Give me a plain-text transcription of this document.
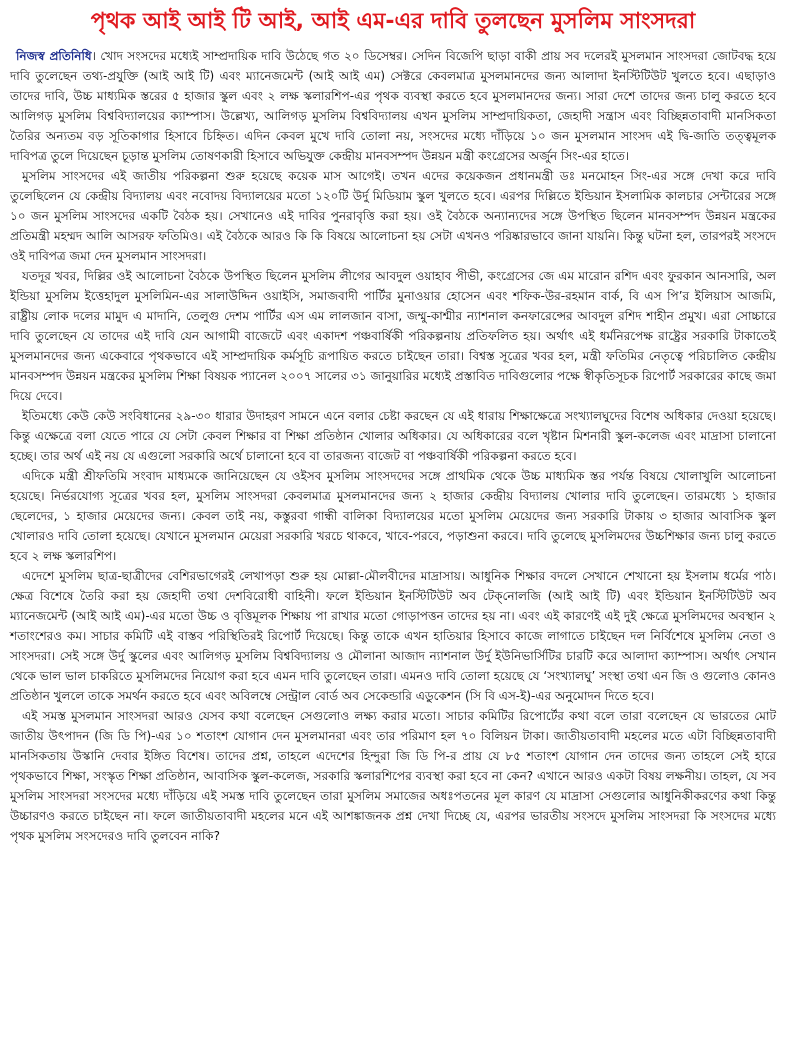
পৃথক আই আই টি আই, আই এম-এর দাবি তুলছেন মুসলিম সাংসদরা

নিজস্ব প্রতিনিধি। খোদ সংসদের মধ্যেই সাম্প্রদায়িক দাবি উঠেছে গত ২০ ডিসেম্বর। সেদিন বিজেপি ছাড়া বাকী প্রায় সব দলেরই মুসলমান সাংসদরা জোটবদ্ধ হয়ে দাবি তুলেছেন তথ্য-প্রযুক্তি (আই আই টি) এবং ম্যানেজমেন্ট (আই আই এম) সেক্টরে কেবলমাত্র মুসলমানদের জন্য আলাদা ইনস্টিটিউট খুলতে হবে। এছাড়াও তাদের দাবি, উচ্চ মাধ্যমিক স্তরের ৫ হাজার স্কুল এবং ২ লক্ষ স্কলারশিপ-এর পৃথক ব্যবস্থা করতে হবে মুসলমানদের জন্য। সারা দেশে তাদের জন্য চালু করতে হবে আলিগড় মুসলিম বিশ্ববিদ্যালয়ের ক্যাম্পাস। উল্লেখ্য, আলিগড় মুসলিম বিশ্ববিদ্যালয় এখন মুসলিম সাম্প্রদায়িকতা, জেহাদী সন্ত্রাস এবং বিচ্ছিন্নতাবাদী মানসিকতা তৈরির অন্যতম বড় সূতিকাগার হিসাবে চিহ্নিত। এদিন কেবল মুখে দাবি তোলা নয়, সংসদের মধ্যে দাঁড়িয়ে ১০ জন মুসলমান সাংসদ এই দ্বি-জাতি তত্ত্বমূলক দাবিপত্র তুলে দিয়েছেন চূড়ান্ত মুসলিম তোষণকারী হিসাবে অভিযুক্ত কেন্দ্রীয় মানবসম্পদ উন্নয়ন মন্ত্রী কংগ্রেসের অর্জুন সিং-এর হাতে।

মুসলিম সাংসদের এই জাতীয় পরিকল্পনা শুরু হয়েছে কয়েক মাস আগেই। তখন এদের কয়েকজন প্রধানমন্ত্রী ডঃ মনমোহন সিং-এর সঙ্গে দেখা করে দাবি তুলেছিলেন যে কেন্দ্রীয় বিদ্যালয় এবং নবোদয় বিদ্যালয়ের মতো ১২০টি উর্দু মিডিয়াম স্কুল খুলতে হবে। এরপর দিল্লিতে ইন্ডিয়ান ইসলামিক কালচার সেন্টারের সঙ্গে ১০ জন মুসলিম সাংসদের একটি বৈঠক হয়। সেখানেও এই দাবির পুনরাবৃত্তি করা হয়। ওই বৈঠকে অন্যান্যদের সঙ্গে উপস্থিত ছিলেন মানবসম্পদ উন্নয়ন মন্ত্রকের প্রতিমন্ত্রী মহম্মদ আলি আসরফ ফতিমিও। এই বৈঠকে আরও কি কি বিষয়ে আলোচনা হয় সেটা এখনও পরিষ্কারভাবে জানা যায়নি। কিন্তু ঘটনা হল, তারপরই সংসদে ওই দাবিপত্র জমা দেন মুসলমান সাংসদরা।

যতদূর খবর, দিল্লির ওই আলোচনা বৈঠকে উপস্থিত ছিলেন মুসলিম লীগের আবদুল ওয়াহাব পীভী, কংগ্রেসের জে এম মারোন রশিদ এবং ফুরকান আনসারি, অল ইন্ডিয়া মুসলিম ইত্তেহাদুল মুসলিমিন-এর সালাউদ্দিন ওয়াইসি, সমাজবাদী পার্টির মুনাওয়ার হোসেন এবং শফিক-উর-রহমান বার্ক, বি এস পি’র ইলিয়াস আজমি, রাষ্ট্রীয় লোক দলের মামুদ এ মাদানি, তেলুগু দেশম পার্টির এস এম লালজান বাসা, জম্মু-কাশ্মীর ন্যাশনাল কনফারেন্সের আবদুল রশিদ শাহীন প্রমুখ। এরা সোচ্চারে দাবি তুলেছেন যে তাদের এই দাবি যেন আগামী বাজেটে এবং একাদশ পঞ্চবার্ষিকী পরিকল্পনায় প্রতিফলিত হয়। অর্থাৎ এই ধর্মনিরপেক্ষ রাষ্ট্রের সরকারি টাকাতেই মুসলমানদের জন্য একেবারে পৃথকভাবে এই সাম্প্রদায়িক কর্মসূচি রূপায়িত করতে চাইছেন তারা। বিশ্বস্ত সূত্রের খবর হল, মন্ত্রী ফতিমির নেতৃত্বে পরিচালিত কেন্দ্রীয় মানবসম্পদ উন্নয়ন মন্ত্রকের মুসলিম শিক্ষা বিষয়ক প্যানেল ২০০৭ সালের ৩১ জানুয়ারির মধ্যেই প্রস্তাবিত দাবিগুলোর পক্ষে স্বীকৃতিসূচক রিপোর্ট সরকারের কাছে জমা দিয়ে দেবে।

ইতিমধ্যে কেউ কেউ সংবিধানের ২৯-৩০ ধারার উদাহরণ সামনে এনে বলার চেষ্টা করছেন যে এই ধারায় শিক্ষাক্ষেত্রে সংখ্যালঘুদের বিশেষ অধিকার দেওয়া হয়েছে। কিন্তু এক্ষেত্রে বলা যেতে পারে যে সেটা কেবল শিক্ষার বা শিক্ষা প্রতিষ্ঠান খোলার অধিকার। যে অধিকারের বলে খৃষ্টান মিশনারী স্কুল-কলেজ এবং মাদ্রাসা চালানো হচ্ছে। তার অর্থ এই নয় যে এগুলো সরকারি অর্থে চালানো হবে বা তারজন্য বাজেট বা পঞ্চবার্ষিকী পরিকল্পনা করতে হবে।

এদিকে মন্ত্রী শ্রীফতিমি সংবাদ মাধ্যমকে জানিয়েছেন যে ওইসব মুসলিম সাংসদদের সঙ্গে প্রাথমিক থেকে উচ্চ মাধ্যমিক স্তর পর্যন্ত বিষয়ে খোলাখুলি আলোচনা হয়েছে। নির্ভরযোগ্য সূত্রের খবর হল, মুসলিম সাংসদরা কেবলমাত্র মুসলমানদের জন্য ২ হাজার কেন্দ্রীয় বিদ্যালয় খোলার দাবি তুলেছেন। তারমধ্যে ১ হাজার ছেলেদের, ১ হাজার মেয়েদের জন্য। কেবল তাই নয়, কস্তুরবা গান্ধী বালিকা বিদ্যালয়ের মতো মুসলিম মেয়েদের জন্য সরকারি টাকায় ৩ হাজার আবাসিক স্কুল খোলারও দাবি তোলা হয়েছে। যেখানে মুসলমান মেয়েরা সরকারি খরচে থাকবে, খাবে-পরবে, পড়াশুনা করবে। দাবি তুলেছে মুসলিমদের উচ্চশিক্ষার জন্য চালু করতে হবে ২ লক্ষ স্কলারশিপ।

এদেশে মুসলিম ছাত্র-ছাত্রীদের বেশিরভাগেরই লেখাপড়া শুরু হয় মোল্লা-মৌলবীদের মাদ্রাসায়। আধুনিক শিক্ষার বদলে সেখানে শেখানো হয় ইসলাম ধর্মের পাঠ। ক্ষেত্র বিশেষে তৈরি করা হয় জেহাদী তথা দেশবিরোধী বাহিনী। ফলে ইন্ডিয়ান ইনস্টিটিউট অব টেক্‌নোলজি (আই আই টি) এবং ইন্ডিয়ান ইনস্টিটিউট অব ম্যানেজমেন্ট (আই আই এম)-এর মতো উচ্চ ও বৃত্তিমূলক শিক্ষায় পা রাখার মতো গোড়াপত্তন তাদের হয় না। এবং এই কারণেই এই দুই ক্ষেত্রে মুসলিমদের অবস্থান ২ শতাংশেরও কম। সাচার কমিটি এই বাস্তব পরিস্থিতিরই রিপোর্ট দিয়েছে। কিন্তু তাকে এখন হাতিয়ার হিসাবে কাজে লাগাতে চাইছেন দল নির্বিশেষে মুসলিম নেতা ও সাংসদরা। সেই সঙ্গে উর্দু স্কুলের এবং আলিগড় মুসলিম বিশ্ববিদ্যালয় ও মৌলানা আজাদ ন্যাশনাল উর্দু ইউনিভার্সিটির চারটি করে আলাদা ক্যাম্পাস। অর্থাৎ সেখান থেকে ভাল ভাল চাকরিতে মুসলিমদের নিয়োগ করা হবে এমন দাবি তুলেছেন তারা। এমনও দাবি তোলা হয়েছে যে ‘সংখ্যালঘু’ সংস্থা তথা এন জি ও গুলোও কোনও প্রতিষ্ঠান খুললে তাকে সমর্থন করতে হবে এবং অবিলম্বে সেন্ট্রাল বোর্ড অব সেকেন্ডারি এডুকেশন (সি বি এস-ই)-এর অনুমোদন দিতে হবে।

এই সমস্ত মুসলমান সাংসদরা আরও যেসব কথা বলেছেন সেগুলোও লক্ষ্য করার মতো। সাচার কমিটির রিপোর্টের কথা বলে তারা বলেছেন যে ভারতের মোট জাতীয় উৎপাদন (জি ডি পি)-এর ১০ শতাংশ যোগান দেন মুসলমানরা এবং তার পরিমাণ হল ৭০ বিলিয়ন টাকা। জাতীয়তাবাদী মহলের মতে এটা বিচ্ছিন্নতাবাদী মানসিকতায় উস্কানি দেবার ইঙ্গিত বিশেষ। তাদের প্রশ্ন, তাহলে এদেশের হিন্দুরা জি ডি পি-র প্রায় যে ৮৫ শতাংশ যোগান দেন তাদের জন্য তাহলে সেই হারে পৃথকভাবে শিক্ষা, সংস্কৃত শিক্ষা প্রতিষ্ঠান, আবাসিক স্কুল-কলেজ, সরকারি স্কলারশিপের ব্যবস্থা করা হবে না কেন? এখানে আরও একটা বিষয় লক্ষনীয়। তাহল, যে সব মুসলিম সাংসদরা সংসদের মধ্যে দাঁড়িয়ে এই সমস্ত দাবি তুলেছেন তারা মুসলিম সমাজের অধঃপতনের মূল কারণ যে মাদ্রাসা সেগুলোর আধুনিকীকরণের কথা কিন্তু উচ্চারণও করতে চাইছেন না। ফলে জাতীয়তাবাদী মহলের মনে এই আশঙ্কাজনক প্রশ্ন দেখা দিচ্ছে যে, এরপর ভারতীয় সংসদে মুসলিম সাংসদরা কি সংসদের মধ্যে পৃথক মুসলিম সংসদেরও দাবি তুলবেন নাকি?
